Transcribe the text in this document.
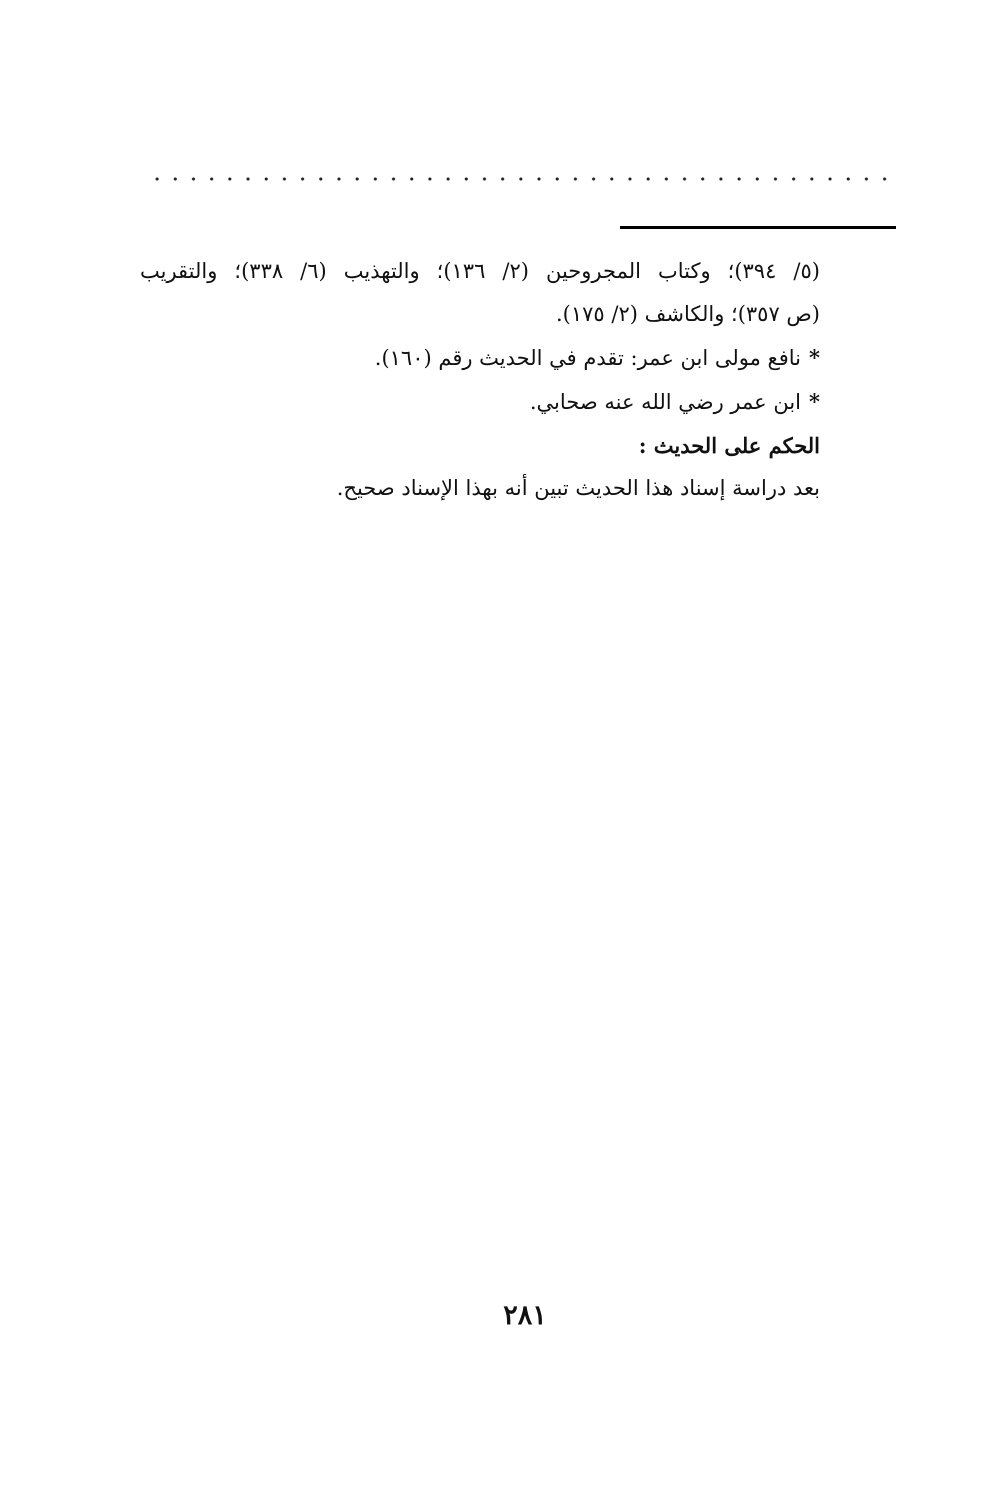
(٥/ ٣٩٤)؛ وكتاب المجروحين (٢/ ١٣٦)؛ والتهذيب (٦/ ٣٣٨)؛ والتقريب
(ص ٣٥٧)؛ والكاشف (٢/ ١٧٥).
*نافع مولى ابن عمر: تقدم في الحديث رقم (١٦٠).
*ابن عمر رضي الله عنه صحابي.
الحكم على الحديث :
بعد دراسة إسناد هذا الحديث تبين أنه بهذا الإسناد صحيح.
٢٨١
